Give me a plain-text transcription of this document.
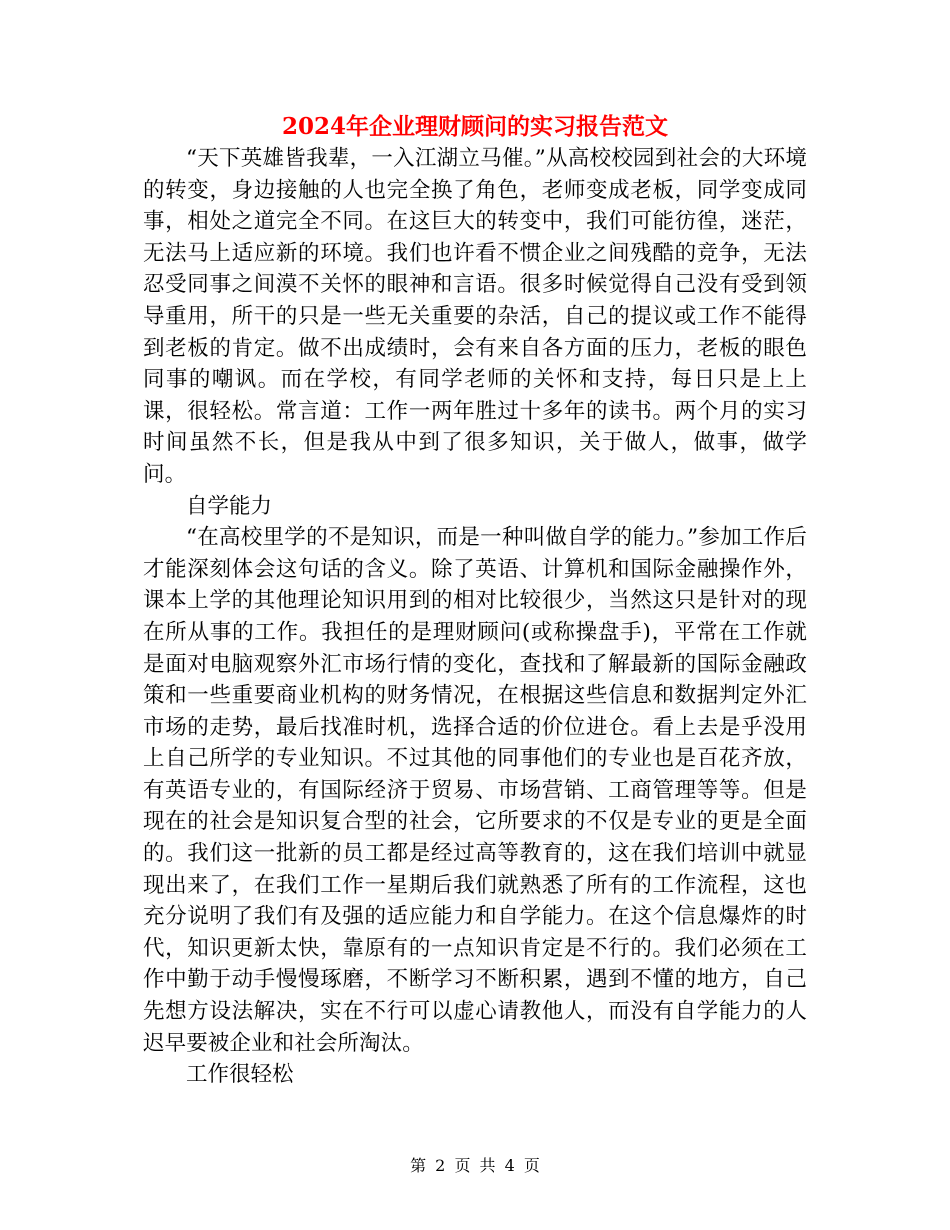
2024年企业理财顾问的实习报告范文

“天下英雄皆我辈，一入江湖立马催。”从高校校园到社会的大环境的转变，身边接触的人也完全换了角色，老师变成老板，同学变成同事，相处之道完全不同。在这巨大的转变中，我们可能彷徨，迷茫，无法马上适应新的环境。我们也许看不惯企业之间残酷的竞争，无法忍受同事之间漠不关怀的眼神和言语。很多时候觉得自己没有受到领导重用，所干的只是一些无关重要的杂活，自己的提议或工作不能得到老板的肯定。做不出成绩时，会有来自各方面的压力，老板的眼色同事的嘲讽。而在学校，有同学老师的关怀和支持，每日只是上上课，很轻松。常言道：工作一两年胜过十多年的读书。两个月的实习时间虽然不长，但是我从中到了很多知识，关于做人，做事，做学问。

自学能力

“在高校里学的不是知识，而是一种叫做自学的能力。”参加工作后才能深刻体会这句话的含义。除了英语、计算机和国际金融操作外，课本上学的其他理论知识用到的相对比较很少，当然这只是针对的现在所从事的工作。我担任的是理财顾问(或称操盘手)，平常在工作就是面对电脑观察外汇市场行情的变化，查找和了解最新的国际金融政策和一些重要商业机构的财务情况，在根据这些信息和数据判定外汇市场的走势，最后找准时机，选择合适的价位进仓。看上去是乎没用上自己所学的专业知识。不过其他的同事他们的专业也是百花齐放，有英语专业的，有国际经济于贸易、市场营销、工商管理等等。但是现在的社会是知识复合型的社会，它所要求的不仅是专业的更是全面的。我们这一批新的员工都是经过高等教育的，这在我们培训中就显现出来了，在我们工作一星期后我们就熟悉了所有的工作流程，这也充分说明了我们有及强的适应能力和自学能力。在这个信息爆炸的时代，知识更新太快，靠原有的一点知识肯定是不行的。我们必须在工作中勤于动手慢慢琢磨，不断学习不断积累，遇到不懂的地方，自己先想方设法解决，实在不行可以虚心请教他人，而没有自学能力的人迟早要被企业和社会所淘汰。

工作很轻松

第 2 页 共 4 页
